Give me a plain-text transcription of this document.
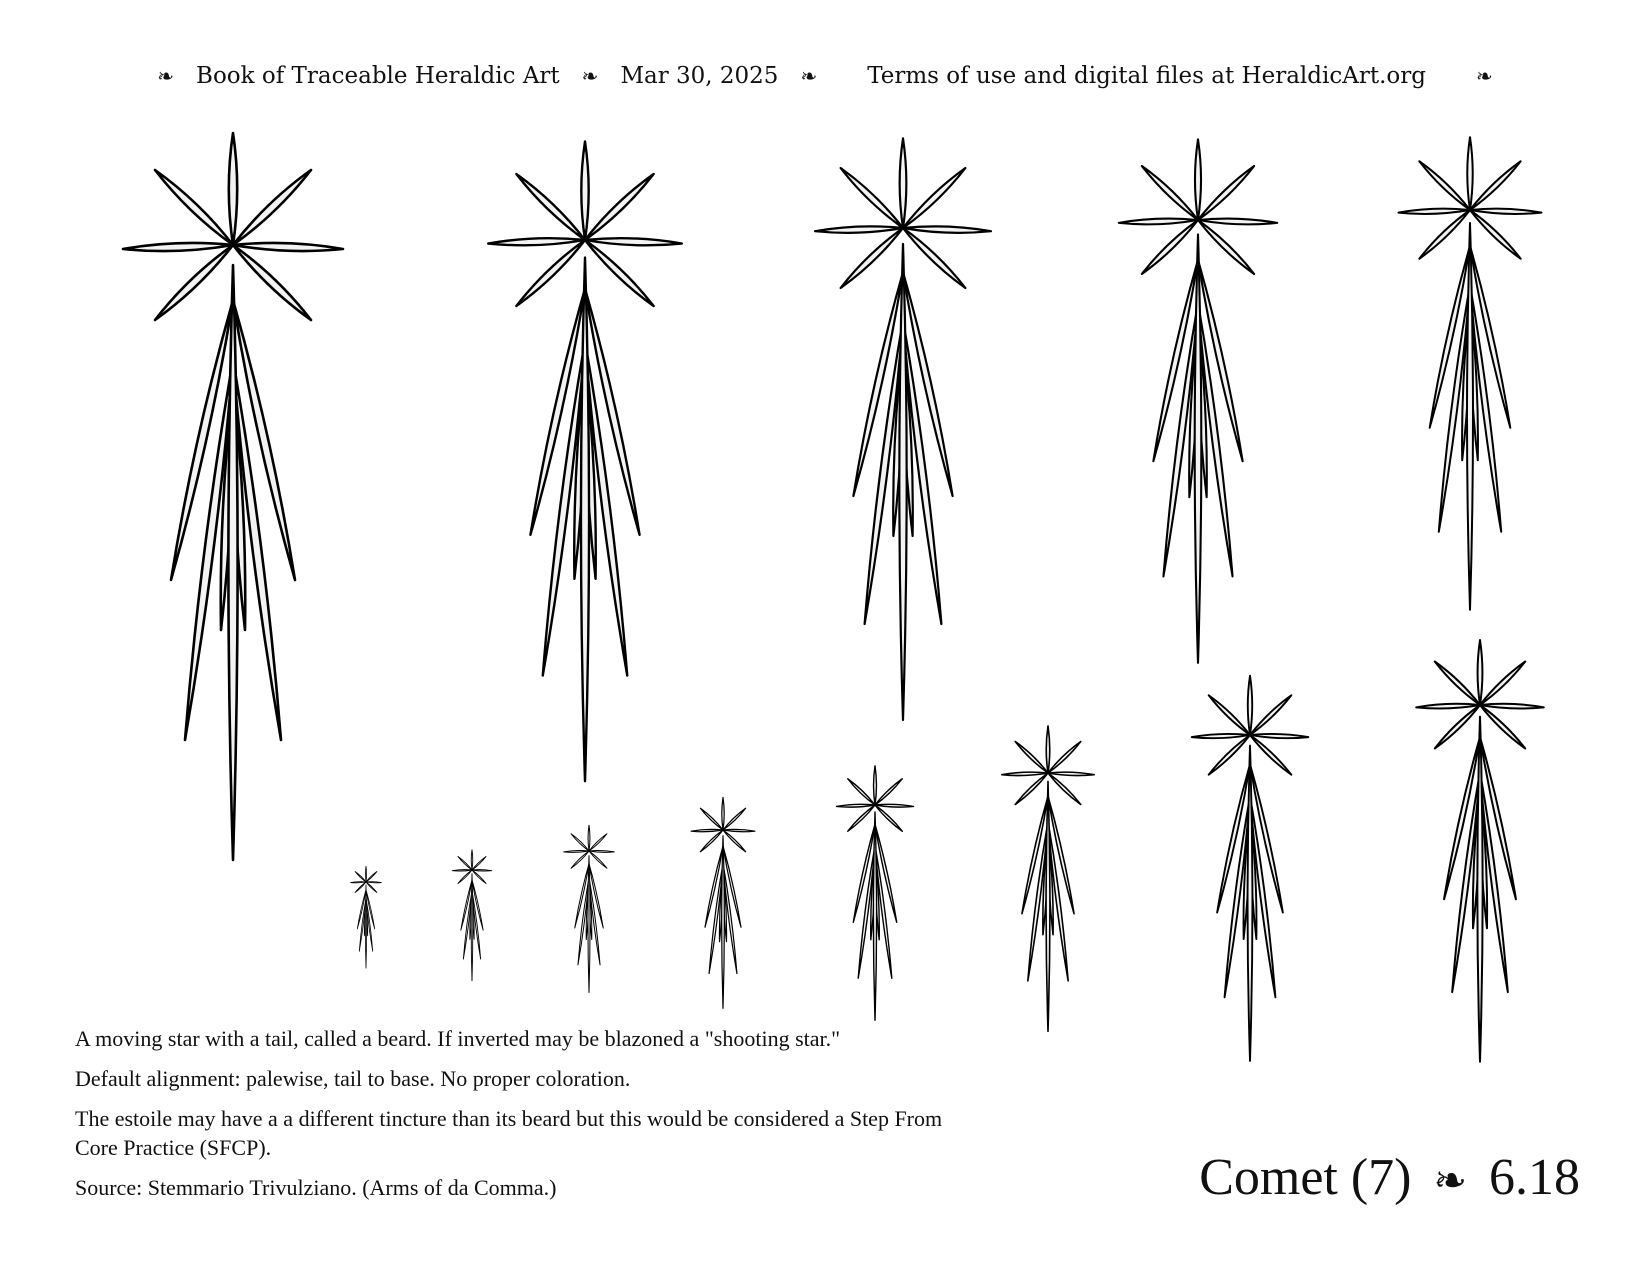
❧ Book of Traceable Heraldic Art ❧ Mar 30, 2025 ❧ Terms of use and digital files at HeraldicArt.org	❧

A moving star with a tail, called a beard. If inverted may be blazoned a "shooting star."

Default alignment: palewise, tail to base. No proper coloration.

The estoile may have a a different tincture than its beard but this would be considered a Step From Core Practice (SFCP).

Source: Stemmario Trivulziano. (Arms of da Comma.)	Comet (7) ❧ 6.18
